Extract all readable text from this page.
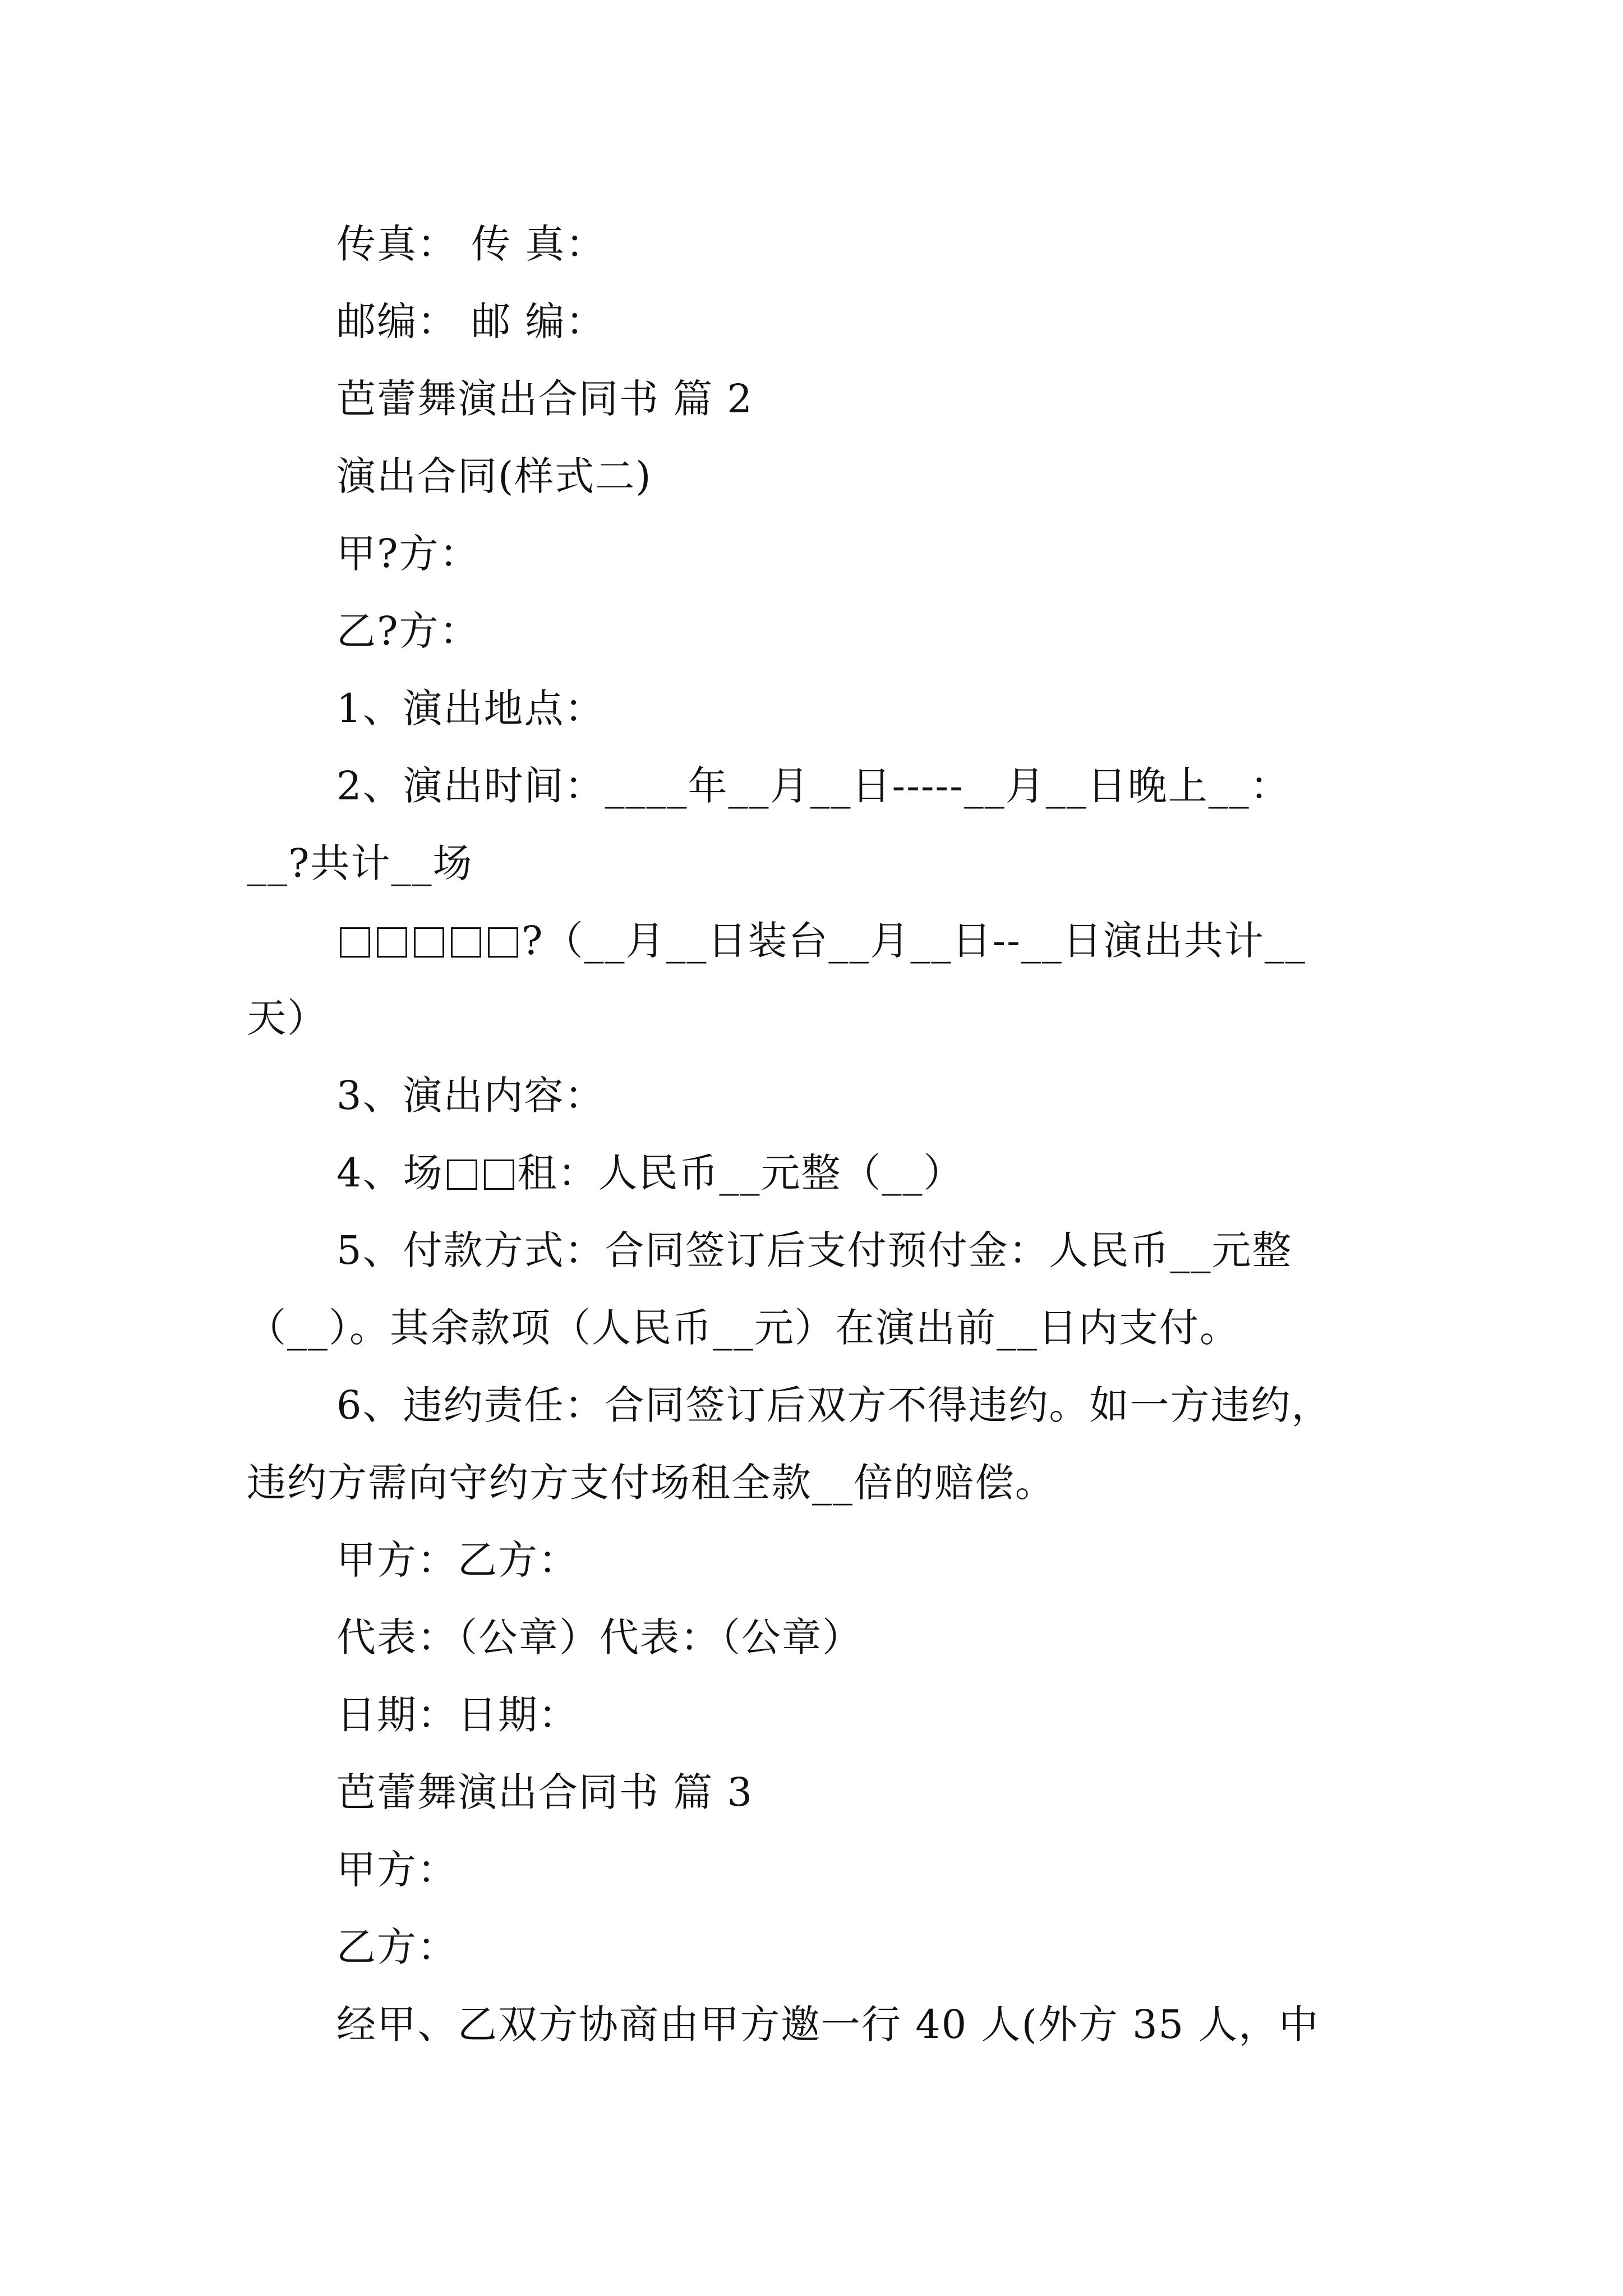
传真： 传 真：
邮编： 邮 编：
芭蕾舞演出合同书 篇 2
演出合同(样式二)
甲?方：
乙?方：
1、演出地点：
2、演出时间：____年__月__日-----__月__日晚上__：
__?共计__场
?（__月__日装台__月__日--__日演出共计__
天）
3、演出内容：
4、场 租：人民币__元整（__）
5、付款方式：合同签订后支付预付金：人民币__元整
（__）。其余款项（人民币__元）在演出前__日内支付。
6、违约责任：合同签订后双方不得违约。如一方违约，
违约方需向守约方支付场租全款__倍的赔偿。
甲方：乙方：
代表：（公章）代表：（公章）
日期：日期：
芭蕾舞演出合同书 篇 3
甲方：
乙方：
经甲、乙双方协商由甲方邀一行 40 人(外方 35 人，中
